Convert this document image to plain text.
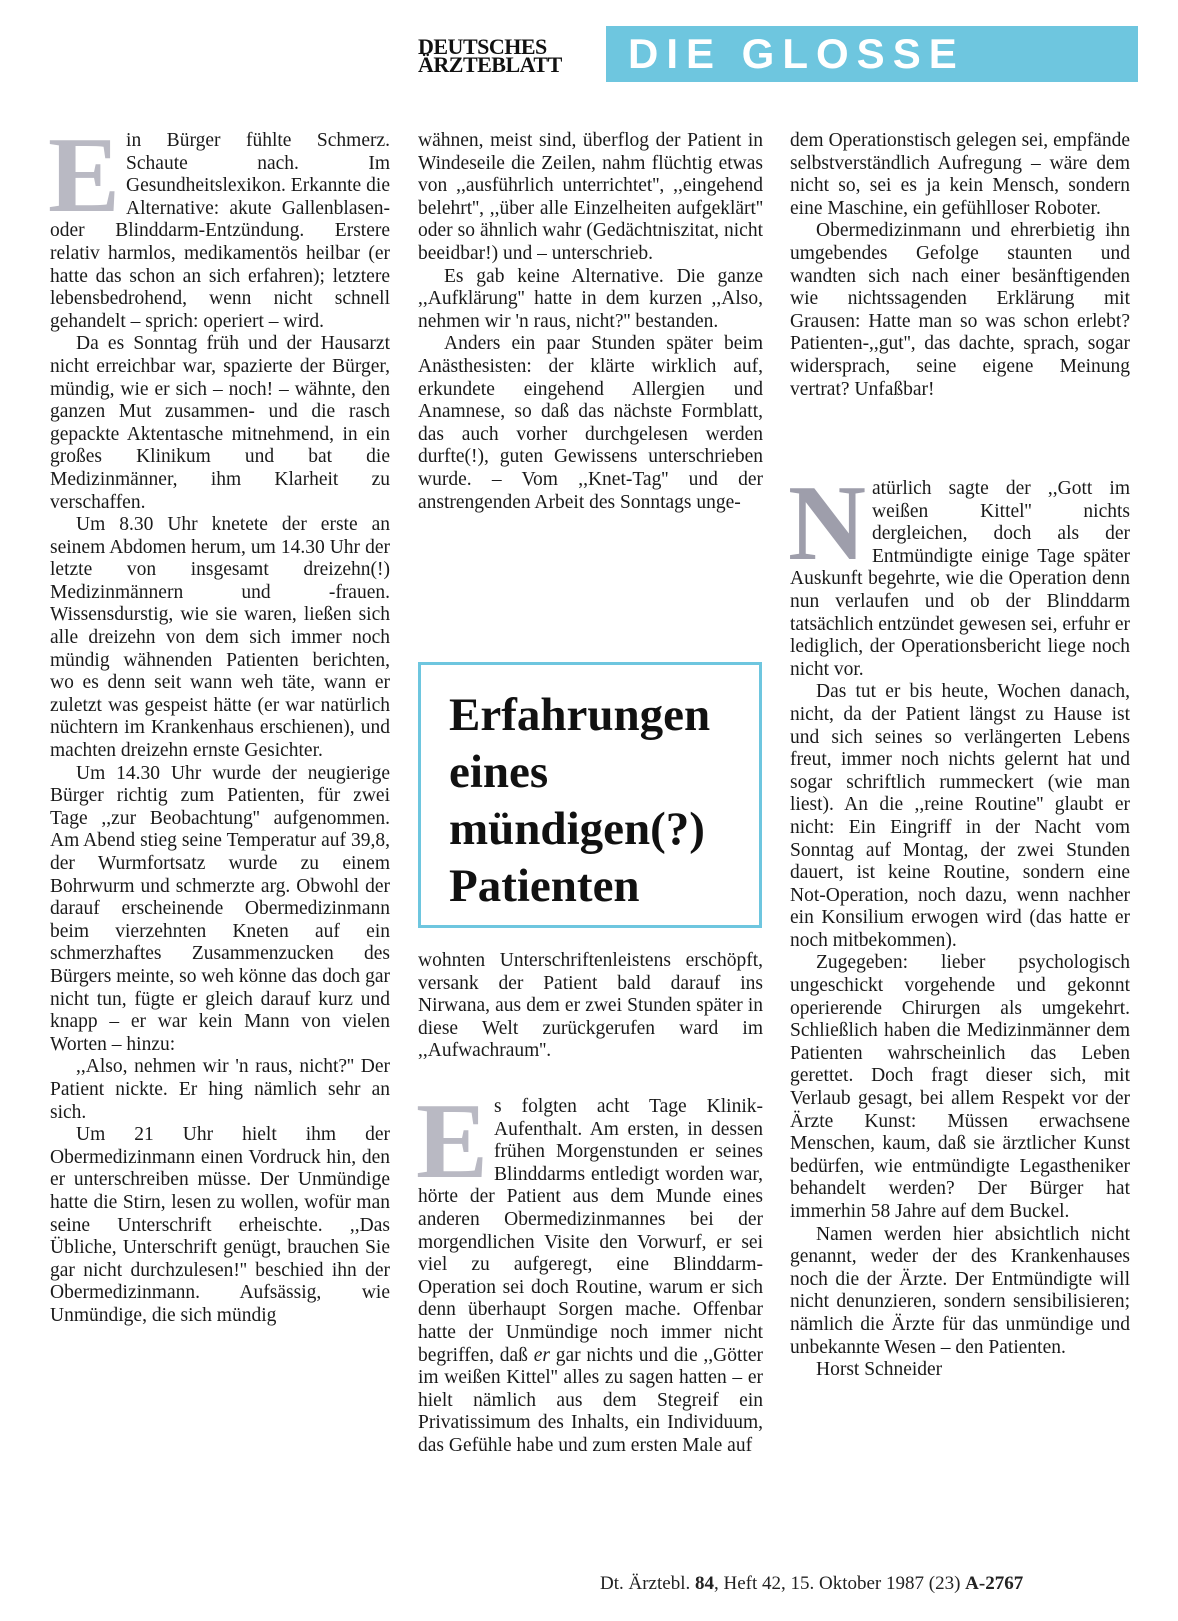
DEUTSCHES
ÄRZTEBLATT	DIE GLOSSE

Ein Bürger fühlte Schmerz. Schaute nach. Im Gesundheitslexikon. Erkannte die Alternative: akute Gallenblasen- oder Blinddarm-Entzündung. Erstere relativ harmlos, medikamentös heilbar (er hatte das schon an sich erfahren); letztere lebensbedrohend, wenn nicht schnell gehandelt – sprich: operiert – wird.

Da es Sonntag früh und der Hausarzt nicht erreichbar war, spazierte der Bürger, mündig, wie er sich – noch! – wähnte, den ganzen Mut zusammen- und die rasch gepackte Aktentasche mitnehmend, in ein großes Klinikum und bat die Medizinmänner, ihm Klarheit zu verschaffen.

Um 8.30 Uhr knetete der erste an seinem Abdomen herum, um 14.30 Uhr der letzte von insgesamt dreizehn(!) Medizinmännern und -frauen. Wissensdurstig, wie sie waren, ließen sich alle dreizehn von dem sich immer noch mündig wähnenden Patienten berichten, wo es denn seit wann weh täte, wann er zuletzt was gespeist hätte (er war natürlich nüchtern im Krankenhaus erschienen), und machten dreizehn ernste Gesichter.

Um 14.30 Uhr wurde der neugierige Bürger richtig zum Patienten, für zwei Tage ,,zur Beobachtung'' aufgenommen. Am Abend stieg seine Temperatur auf 39,8, der Wurmfortsatz wurde zu einem Bohrwurm und schmerzte arg. Obwohl der darauf erscheinende Obermedizinmann beim vierzehnten Kneten auf ein schmerzhaftes Zusammenzucken des Bürgers meinte, so weh könne das doch gar nicht tun, fügte er gleich darauf kurz und knapp – er war kein Mann von vielen Worten – hinzu:

,,Also, nehmen wir 'n raus, nicht?'' Der Patient nickte. Er hing nämlich sehr an sich.

Um 21 Uhr hielt ihm der Obermedizinmann einen Vordruck hin, den er unterschreiben müsse. Der Unmündige hatte die Stirn, lesen zu wollen, wofür man seine Unterschrift erheischte. ,,Das Übliche, Unterschrift genügt, brauchen Sie gar nicht durchzulesen!'' beschied ihn der Obermedizinmann. Aufsässig, wie Unmündige, die sich mündig

wähnen, meist sind, überflog der Patient in Windeseile die Zeilen, nahm flüchtig etwas von ,,ausführlich unterrichtet'', ,,eingehend belehrt'', ,,über alle Einzelheiten aufgeklärt'' oder so ähnlich wahr (Gedächtniszitat, nicht beeidbar!) und – unterschrieb.

Es gab keine Alternative. Die ganze ,,Aufklärung'' hatte in dem kurzen ,,Also, nehmen wir 'n raus, nicht?'' bestanden.

Anders ein paar Stunden später beim Anästhesisten: der klärte wirklich auf, erkundete eingehend Allergien und Anamnese, so daß das nächste Formblatt, das auch vorher durchgelesen werden durfte(!), guten Gewissens unterschrieben wurde. – Vom ,,Knet-Tag'' und der anstrengenden Arbeit des Sonntags unge-

Erfahrungen
eines
mündigen(?)
Patienten

wohnten Unterschriftenleistens erschöpft, versank der Patient bald darauf ins Nirwana, aus dem er zwei Stunden später in diese Welt zurückgerufen ward im ,,Aufwachraum''.

Es folgten acht Tage Klinik-Aufenthalt. Am ersten, in dessen frühen Morgenstunden er seines Blinddarms entledigt worden war, hörte der Patient aus dem Munde eines anderen Obermedizinmannes bei der morgendlichen Visite den Vorwurf, er sei viel zu aufgeregt, eine Blinddarm-Operation sei doch Routine, warum er sich denn überhaupt Sorgen mache. Offenbar hatte der Unmündige noch immer nicht begriffen, daß er gar nichts und die ,,Götter im weißen Kittel'' alles zu sagen hatten – er hielt nämlich aus dem Stegreif ein Privatissimum des Inhalts, ein Individuum, das Gefühle habe und zum ersten Male auf

dem Operationstisch gelegen sei, empfände selbstverständlich Aufregung – wäre dem nicht so, sei es ja kein Mensch, sondern eine Maschine, ein gefühlloser Roboter.

Obermedizinmann und ehrerbietig ihn umgebendes Gefolge staunten und wandten sich nach einer besänftigenden wie nichtssagenden Erklärung mit Grausen: Hatte man so was schon erlebt? Patienten-,,gut'', das dachte, sprach, sogar widersprach, seine eigene Meinung vertrat? Unfaßbar!

Natürlich sagte der ,,Gott im weißen Kittel'' nichts dergleichen, doch als der Entmündigte einige Tage später Auskunft begehrte, wie die Operation denn nun verlaufen und ob der Blinddarm tatsächlich entzündet gewesen sei, erfuhr er lediglich, der Operationsbericht liege noch nicht vor.

Das tut er bis heute, Wochen danach, nicht, da der Patient längst zu Hause ist und sich seines so verlängerten Lebens freut, immer noch nichts gelernt hat und sogar schriftlich rummeckert (wie man liest). An die ,,reine Routine'' glaubt er nicht: Ein Eingriff in der Nacht vom Sonntag auf Montag, der zwei Stunden dauert, ist keine Routine, sondern eine Not-Operation, noch dazu, wenn nachher ein Konsilium erwogen wird (das hatte er noch mitbekommen).

Zugegeben: lieber psychologisch ungeschickt vorgehende und gekonnt operierende Chirurgen als umgekehrt. Schließlich haben die Medizinmänner dem Patienten wahrscheinlich das Leben gerettet. Doch fragt dieser sich, mit Verlaub gesagt, bei allem Respekt vor der Ärzte Kunst: Müssen erwachsene Menschen, kaum, daß sie ärztlicher Kunst bedürfen, wie entmündigte Legastheniker behandelt werden? Der Bürger hat immerhin 58 Jahre auf dem Buckel.

Namen werden hier absichtlich nicht genannt, weder der des Krankenhauses noch die der Ärzte. Der Entmündigte will nicht denunzieren, sondern sensibilisieren; nämlich die Ärzte für das unmündige und unbekannte Wesen – den Patienten.

Horst Schneider

Dt. Ärztebl. 84, Heft 42, 15. Oktober 1987 (23) A-2767
